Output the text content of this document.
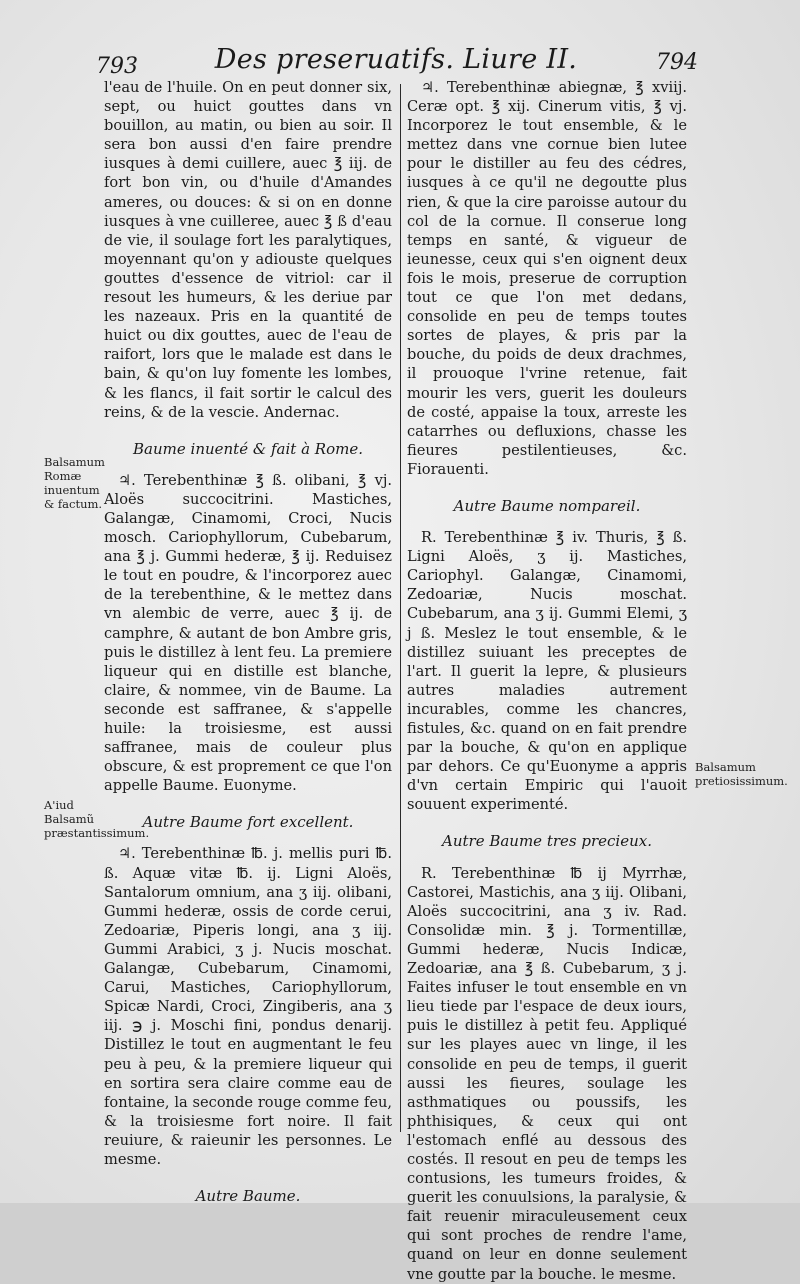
793	Des preseruatifs. Liure II.	794

l'eau de l'huile. On en peut donner six, sept, ou huict gouttes dans vn bouillon, au matin, ou bien au soir. Il sera bon aussi d'en faire prendre iusques à demi cuillere, auec ℥ iij. de fort bon vin, ou d'huile d'Amandes ameres, ou douces: & si on en donne iusques à vne cuilleree, auec ℥ ß d'eau de vie, il soulage fort les paralytiques, moyennant qu'on y adiouste quelques gouttes d'essence de vitriol: car il resout les humeurs, & les deriue par les nazeaux. Pris en la quantité de huict ou dix gouttes, auec de l'eau de raifort, lors que le malade est dans le bain, & qu'on luy fomente les lombes, & les flancs, il fait sortir le calcul des reins, & de la vescie. Andernac.

Baume inuenté & fait à Rome.

♃. Terebenthinæ ℥ ß. olibani, ℥ vj. Aloës succocitrini. Mastiches, Galangæ, Cinamomi, Croci, Nucis mosch. Cariophyllorum, Cubebarum, ana ℥ j. Gummi hederæ, ℥ ij. Reduisez le tout en poudre, & l'incorporez auec de la terebenthine, & le mettez dans vn alembic de verre, auec ℥ ij. de camphre, & autant de bon Ambre gris, puis le distillez à lent feu. La premiere liqueur qui en distille est blanche, claire, & nommee, vin de Baume. La seconde est saffranee, & s'appelle huile: la troisiesme, est aussi saffranee, mais de couleur plus obscure, & est proprement ce que l'on appelle Baume. Euonyme.

Autre Baume fort excellent.

♃. Terebenthinæ ℔. j. mellis puri ℔. ß. Aquæ vitæ ℔. ij. Ligni Aloës, Santalorum omnium, ana ʒ iij. olibani, Gummi hederæ, ossis de corde cerui, Zedoariæ, Piperis longi, ana ʒ iij. Gummi Arabici, ʒ j. Nucis moschat. Galangæ, Cubebarum, Cinamomi, Carui, Mastiches, Cariophyllorum, Spicæ Nardi, Croci, Zingiberis, ana ʒ iij. ℈ j. Moschi fini, pondus denarij. Distillez le tout en augmentant le feu peu à peu, & la premiere liqueur qui en sortira sera claire comme eau de fontaine, la seconde rouge comme feu, & la troisiesme fort noire. Il fait reuiure, & raieunir les personnes. Le mesme.

Autre Baume.

♃. Terebenthinæ abiegnæ, ℥ xviij. Ceræ opt. ℥ xij. Cinerum vitis, ℥ vj. Incorporez le tout ensemble, & le mettez dans vne cornue bien lutee pour le distiller au feu des cédres, iusques à ce qu'il ne degoutte plus rien, & que la cire paroisse autour du col de la cornue. Il conserue long temps en santé, & vigueur de ieunesse, ceux qui s'en oignent deux fois le mois, preserue de corruption tout ce que l'on met dedans, consolide en peu de temps toutes sortes de playes, & pris par la bouche, du poids de deux drachmes, il prouoque l'vrine retenue, fait mourir les vers, guerit les douleurs de costé, appaise la toux, arreste les catarrhes ou defluxions, chasse les fieures pestilentieuses, &c. Fiorauenti.

Autre Baume nompareil.

R. Terebenthinæ ℥ iv. Thuris, ℥ ß. Ligni Aloës, ʒ ij. Mastiches, Cariophyl. Galangæ, Cinamomi, Zedoariæ, Nucis moschat. Cubebarum, ana ʒ ij. Gummi Elemi, ʒ j ß. Meslez le tout ensemble, & le distillez suiuant les preceptes de l'art. Il guerit la lepre, & plusieurs autres maladies autrement incurables, comme les chancres, fistules, &c. quand on en fait prendre par la bouche, & qu'on en applique par dehors. Ce qu'Euonyme a appris d'vn certain Empiric qui l'auoit souuent experimenté.

Autre Baume tres precieux.

R. Terebenthinæ ℔ ij Myrrhæ, Castorei, Mastichis, ana ʒ iij. Olibani, Aloës succocitrini, ana ʒ iv. Rad. Consolidæ min. ℥ j. Tormentillæ, Gummi hederæ, Nucis Indicæ, Zedoariæ, ana ℥ ß. Cubebarum, ʒ j. Faites infuser le tout ensemble en vn lieu tiede par l'espace de deux iours, puis le distillez à petit feu. Appliqué sur les playes auec vn linge, il les consolide en peu de temps, il guerit aussi les fieures, soulage les asthmatiques ou poussifs, les phthisiques, & ceux qui ont l'estomach enflé au dessous des costés. Il resout en peu de temps les contusions, les tumeurs froides, & guerit les conuulsions, la paralysie, & fait reuenir miraculeusement ceux qui sont proches de rendre l'ame, quand on leur en donne seulement vne goutte par la bouche. le mesme.

Balsamum Romæ inuentum & factum.
A'iud Balsamũ præstantissimum.
Balsamum pretiosissimum.
